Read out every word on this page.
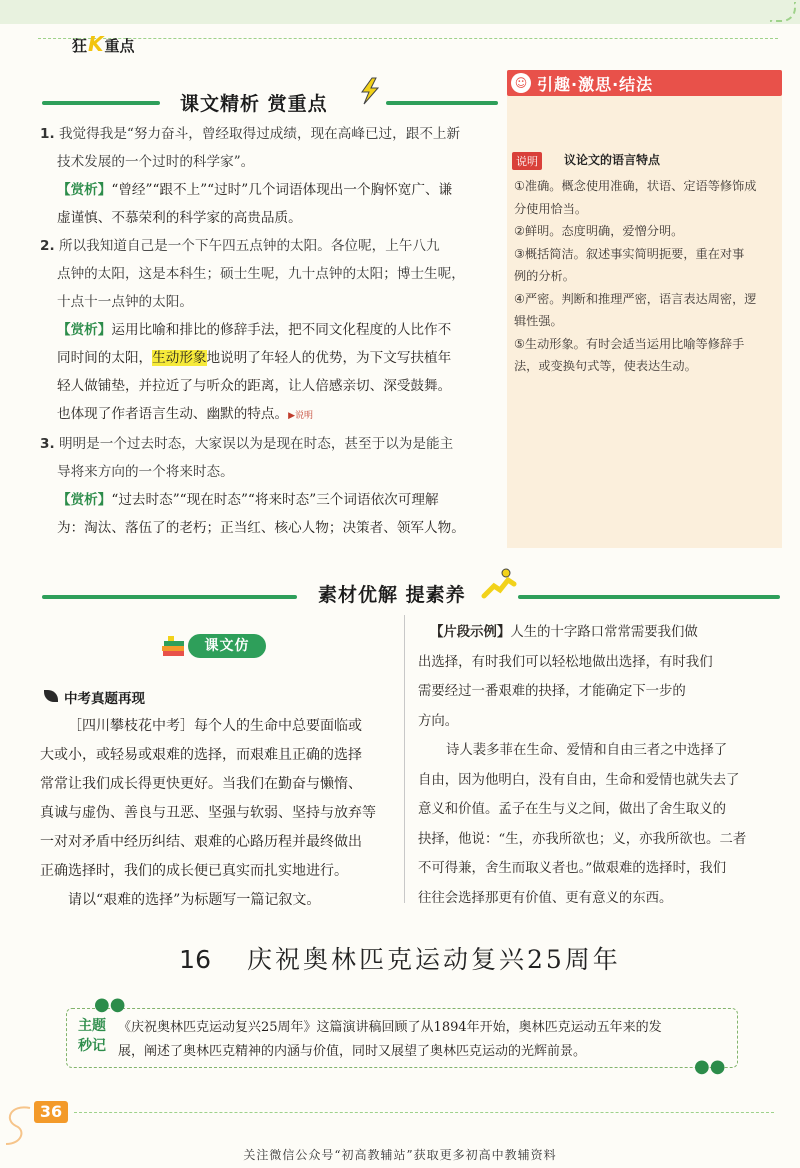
狂K重点
课文精析 赏重点
1. 我觉得我是“努力奋斗，曾经取得过成绩，现在高峰已过，跟不上新
技术发展的一个过时的科学家”。
【赏析】“曾经”“跟不上”“过时”几个词语体现出一个胸怀宽广、谦
虚谨慎、不慕荣利的科学家的高贵品质。
2. 所以我知道自己是一个下午四五点钟的太阳。各位呢，上午八九
点钟的太阳，这是本科生；硕士生呢，九十点钟的太阳；博士生呢，
十点十一点钟的太阳。
【赏析】运用比喻和排比的修辞手法，把不同文化程度的人比作不
同时间的太阳，生动形象地说明了年轻人的优势，为下文写扶植年
轻人做铺垫，并拉近了与听众的距离，让人倍感亲切、深受鼓舞。
也体现了作者语言生动、幽默的特点。▶说明
3. 明明是一个过去时态，大家误以为是现在时态，甚至于以为是能主
导将来方向的一个将来时态。
【赏析】“过去时态”“现在时态”“将来时态”三个词语依次可理解
为：淘汰、落伍了的老朽；正当红、核心人物；决策者、领军人物。
☺ 引趣·激思·结法
说明	议论文的语言特点
①准确。概念使用准确，状语、定语等修饰成
分使用恰当。
②鲜明。态度明确，爱憎分明。
③概括简洁。叙述事实简明扼要，重在对事
例的分析。
④严密。判断和推理严密，语言表达周密，逻
辑性强。
⑤生动形象。有时会适当运用比喻等修辞手
法，或变换句式等，使表达生动。
素材优解 提素养
课文仿
中考真题再现
［四川攀枝花中考］每个人的生命中总要面临或
大或小，或轻易或艰难的选择，而艰难且正确的选择
常常让我们成长得更快更好。当我们在勤奋与懒惰、
真诚与虚伪、善良与丑恶、坚强与软弱、坚持与放弃等
一对对矛盾中经历纠结、艰难的心路历程并最终做出
正确选择时，我们的成长便已真实而扎实地进行。
请以“艰难的选择”为标题写一篇记叙文。
【片段示例】人生的十字路口常常需要我们做
出选择，有时我们可以轻松地做出选择，有时我们
需要经过一番艰难的抉择，才能确定下一步的
方向。
诗人裴多菲在生命、爱情和自由三者之中选择了
自由，因为他明白，没有自由，生命和爱情也就失去了
意义和价值。孟子在生与义之间，做出了舍生取义的
抉择，他说：“生，亦我所欲也；义，亦我所欲也。二者
不可得兼，舍生而取义者也。”做艰难的选择时，我们
往往会选择那更有价值、更有意义的东西。
16 庆祝奥林匹克运动复兴25周年
●●
●●
主题
秒记
《庆祝奥林匹克运动复兴25周年》这篇演讲稿回顾了从1894年开始，奥林匹克运动五年来的发
展，阐述了奥林匹克精神的内涵与价值，同时又展望了奥林匹克运动的光辉前景。
36
关注微信公众号“初高教辅站”获取更多初高中教辅资料
